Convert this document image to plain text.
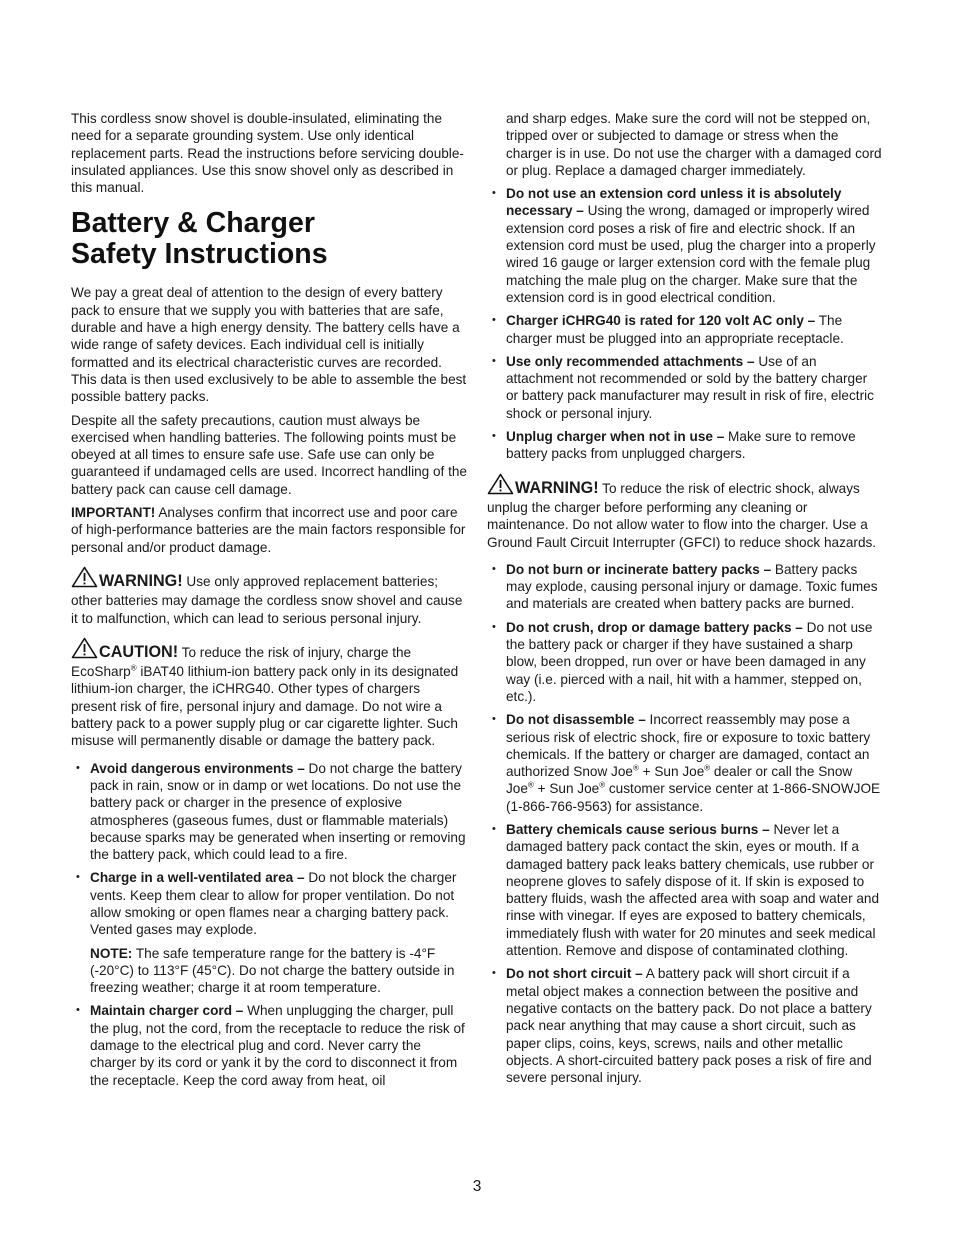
This cordless snow shovel is double-insulated, eliminating the need for a separate grounding system. Use only identical replacement parts. Read the instructions before servicing double-insulated appliances. Use this snow shovel only as described in this manual.

Battery & Charger
Safety Instructions

We pay a great deal of attention to the design of every battery pack to ensure that we supply you with batteries that are safe, durable and have a high energy density. The battery cells have a wide range of safety devices. Each individual cell is initially formatted and its electrical characteristic curves are recorded. This data is then used exclusively to be able to assemble the best possible battery packs.

Despite all the safety precautions, caution must always be exercised when handling batteries. The following points must be obeyed at all times to ensure safe use. Safe use can only be guaranteed if undamaged cells are used. Incorrect handling of the battery pack can cause cell damage.

IMPORTANT! Analyses confirm that incorrect use and poor care of high-performance batteries are the main factors responsible for personal and/or product damage.

WARNING! Use only approved replacement batteries; other batteries may damage the cordless snow shovel and cause it to malfunction, which can lead to serious personal injury.

CAUTION! To reduce the risk of injury, charge the EcoSharp® iBAT40 lithium-ion battery pack only in its designated lithium-ion charger, the iCHRG40. Other types of chargers present risk of fire, personal injury and damage. Do not wire a battery pack to a power supply plug or car cigarette lighter. Such misuse will permanently disable or damage the battery pack.

• Avoid dangerous environments – Do not charge the battery pack in rain, snow or in damp or wet locations. Do not use the battery pack or charger in the presence of explosive atmospheres (gaseous fumes, dust or flammable materials) because sparks may be generated when inserting or removing the battery pack, which could lead to a fire.
• Charge in a well-ventilated area – Do not block the charger vents. Keep them clear to allow for proper ventilation. Do not allow smoking or open flames near a charging battery pack. Vented gases may explode.

NOTE: The safe temperature range for the battery is -4°F (-20°C) to 113°F (45°C). Do not charge the battery outside in freezing weather; charge it at room temperature.

• Maintain charger cord – When unplugging the charger, pull the plug, not the cord, from the receptacle to reduce the risk of damage to the electrical plug and cord. Never carry the charger by its cord or yank it by the cord to disconnect it from the receptacle. Keep the cord away from heat, oil

and sharp edges. Make sure the cord will not be stepped on, tripped over or subjected to damage or stress when the charger is in use. Do not use the charger with a damaged cord or plug. Replace a damaged charger immediately.

• Do not use an extension cord unless it is absolutely necessary – Using the wrong, damaged or improperly wired extension cord poses a risk of fire and electric shock. If an extension cord must be used, plug the charger into a properly wired 16 gauge or larger extension cord with the female plug matching the male plug on the charger. Make sure that the extension cord is in good electrical condition.
• Charger iCHRG40 is rated for 120 volt AC only – The charger must be plugged into an appropriate receptacle.
• Use only recommended attachments – Use of an attachment not recommended or sold by the battery charger or battery pack manufacturer may result in risk of fire, electric shock or personal injury.
• Unplug charger when not in use – Make sure to remove battery packs from unplugged chargers.

WARNING! To reduce the risk of electric shock, always unplug the charger before performing any cleaning or maintenance. Do not allow water to flow into the charger. Use a Ground Fault Circuit Interrupter (GFCI) to reduce shock hazards.

• Do not burn or incinerate battery packs – Battery packs may explode, causing personal injury or damage. Toxic fumes and materials are created when battery packs are burned.
• Do not crush, drop or damage battery packs – Do not use the battery pack or charger if they have sustained a sharp blow, been dropped, run over or have been damaged in any way (i.e. pierced with a nail, hit with a hammer, stepped on, etc.).
• Do not disassemble – Incorrect reassembly may pose a serious risk of electric shock, fire or exposure to toxic battery chemicals. If the battery or charger are damaged, contact an authorized Snow Joe® + Sun Joe® dealer or call the Snow Joe® + Sun Joe® customer service center at 1-866-SNOWJOE (1-866-766-9563) for assistance.
• Battery chemicals cause serious burns – Never let a damaged battery pack contact the skin, eyes or mouth. If a damaged battery pack leaks battery chemicals, use rubber or neoprene gloves to safely dispose of it. If skin is exposed to battery fluids, wash the affected area with soap and water and rinse with vinegar. If eyes are exposed to battery chemicals, immediately flush with water for 20 minutes and seek medical attention. Remove and dispose of contaminated clothing.
• Do not short circuit – A battery pack will short circuit if a metal object makes a connection between the positive and negative contacts on the battery pack. Do not place a battery pack near anything that may cause a short circuit, such as paper clips, coins, keys, screws, nails and other metallic objects. A short-circuited battery pack poses a risk of fire and severe personal injury.
3
